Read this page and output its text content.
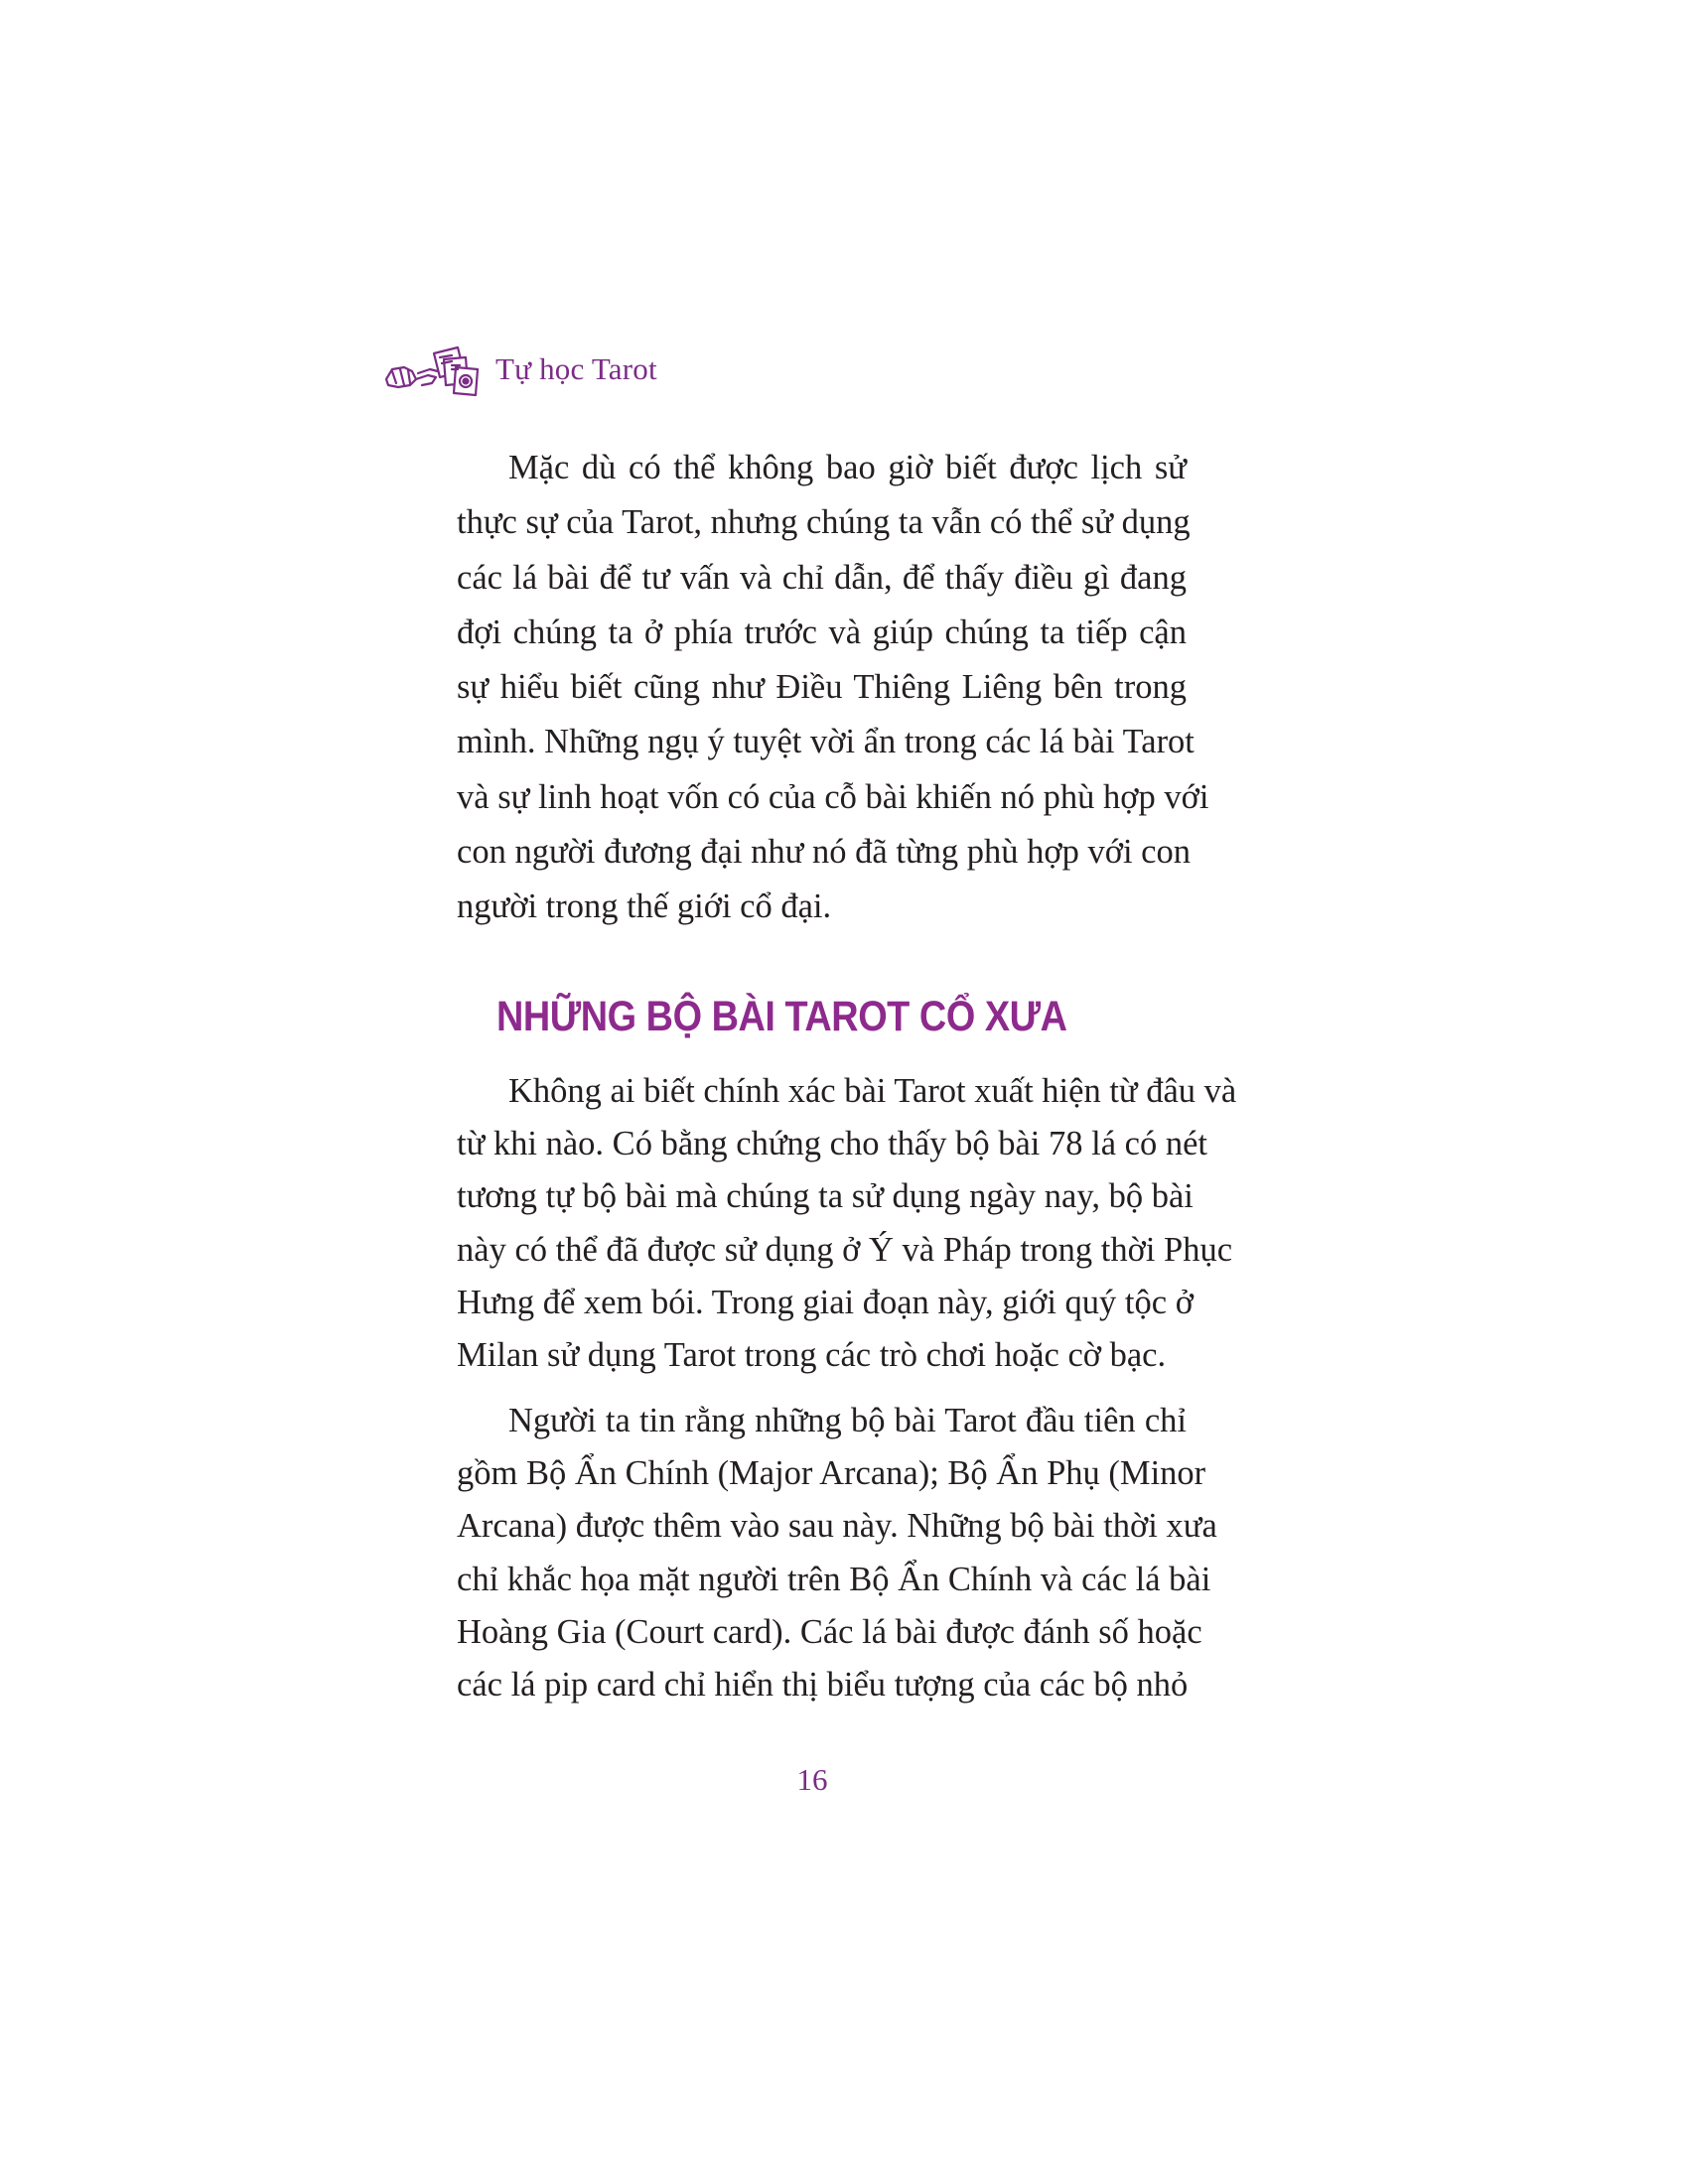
Tự học Tarot

Mặc dù có thể không bao giờ biết được lịch sử
thực sự của Tarot, nhưng chúng ta vẫn có thể sử dụng
các lá bài để tư vấn và chỉ dẫn, để thấy điều gì đang
đợi chúng ta ở phía trước và giúp chúng ta tiếp cận
sự hiểu biết cũng như Điều Thiêng Liêng bên trong
mình. Những ngụ ý tuyệt vời ẩn trong các lá bài Tarot
và sự linh hoạt vốn có của cỗ bài khiến nó phù hợp với
con người đương đại như nó đã từng phù hợp với con
người trong thế giới cổ đại.

NHỮNG BỘ BÀI TAROT CỔ XƯA

Không ai biết chính xác bài Tarot xuất hiện từ đâu và
từ khi nào. Có bằng chứng cho thấy bộ bài 78 lá có nét
tương tự bộ bài mà chúng ta sử dụng ngày nay, bộ bài
này có thể đã được sử dụng ở Ý và Pháp trong thời Phục
Hưng để xem bói. Trong giai đoạn này, giới quý tộc ở
Milan sử dụng Tarot trong các trò chơi hoặc cờ bạc.

Người ta tin rằng những bộ bài Tarot đầu tiên chỉ
gồm Bộ Ẩn Chính (Major Arcana); Bộ Ẩn Phụ (Minor
Arcana) được thêm vào sau này. Những bộ bài thời xưa
chỉ khắc họa mặt người trên Bộ Ẩn Chính và các lá bài
Hoàng Gia (Court card). Các lá bài được đánh số hoặc
các lá pip card chỉ hiển thị biểu tượng của các bộ nhỏ

16
